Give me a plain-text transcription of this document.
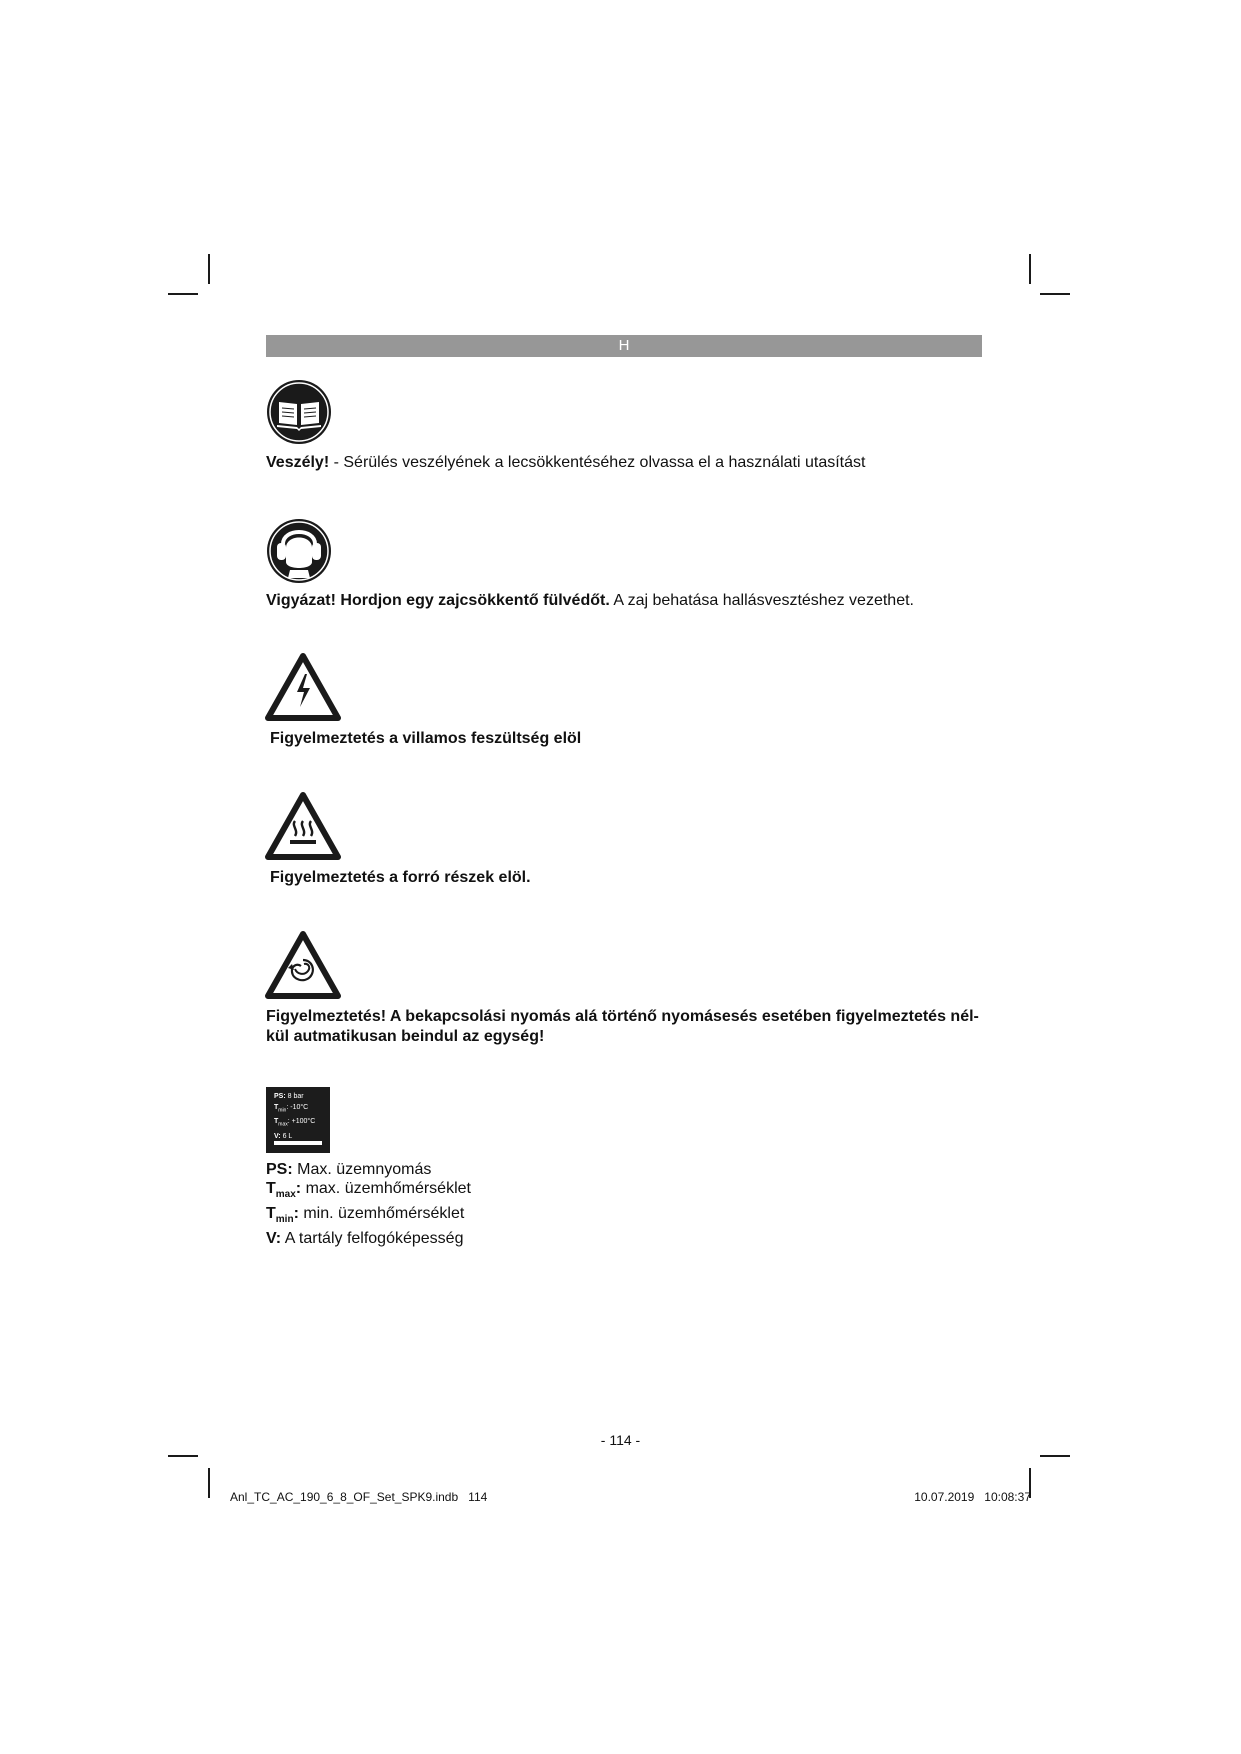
H
Veszély! - Sérülés veszélyének a lecsökkentéséhez olvassa el a használati utasítást
Vigyázat! Hordjon egy zajcsökkentő fülvédőt. A zaj behatása hallásvesztéshez vezethet.
Figyelmeztetés a villamos feszültség elöl
Figyelmeztetés a forró részek elöl.
Figyelmeztetés! A bekapcsolási nyomás alá történő nyomásesés esetében figyelmeztetés nél-
kül autmatikusan beindul az egység!
PS: 8 bar
$T_{min}$: -10°C
$T_{max}$: +100°C
V: 6 L
PS: Max. üzemnyomás
$T_{max}$: max. üzemhőmérséklet
$T_{min}$: min. üzemhőmérséklet
V: A tartály felfogóképesség
- 114 -
Anl_TC_AC_190_6_8_OF_Set_SPK9.indb   114	10.07.2019   10:08:37
